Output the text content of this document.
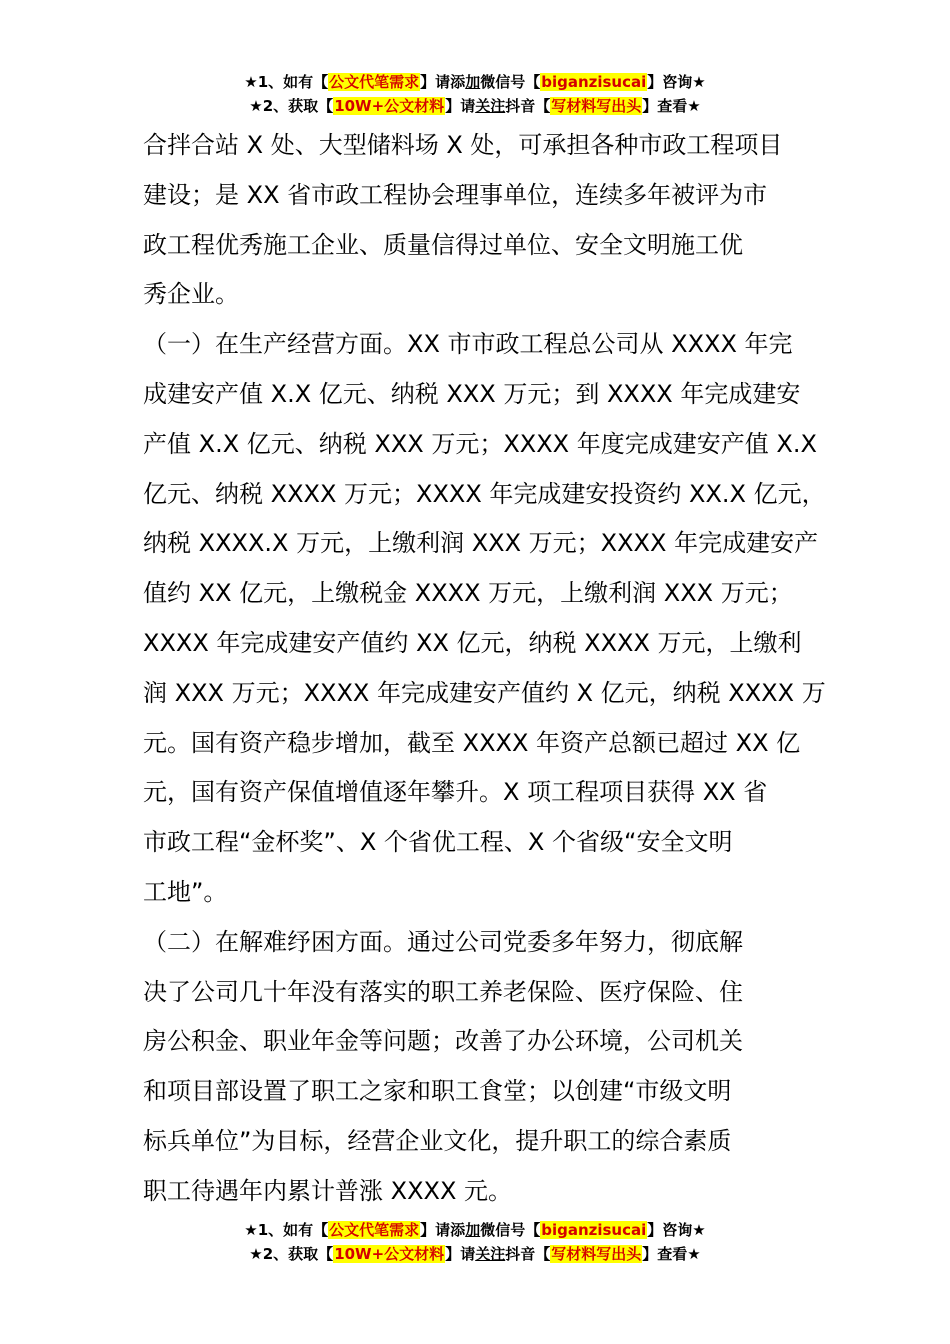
★1、如有【公文代笔需求】请添加微信号【biganzisucai】咨询★
★2、获取【10W+公文材料】请关注抖音【写材料写出头】查看★
合拌合站 X 处、大型储料场 X 处，可承担各种市政工程项目
建设；是 XX 省市政工程协会理事单位，连续多年被评为市
政工程优秀施工企业、质量信得过单位、安全文明施工优
秀企业。
（一）在生产经营方面。XX 市市政工程总公司从 XXXX 年完
成建安产值 X.X 亿元、纳税 XXX 万元；到 XXXX 年完成建安
产值 X.X 亿元、纳税 XXX 万元；XXXX 年度完成建安产值 X.X
亿元、纳税 XXXX 万元；XXXX 年完成建安投资约 XX.X 亿元，
纳税 XXXX.X 万元，上缴利润 XXX 万元；XXXX 年完成建安产
值约 XX 亿元，上缴税金 XXXX 万元，上缴利润 XXX 万元；
XXXX 年完成建安产值约 XX 亿元，纳税 XXXX 万元，上缴利
润 XXX 万元；XXXX 年完成建安产值约 X 亿元，纳税 XXXX 万
元。国有资产稳步增加，截至 XXXX 年资产总额已超过 XX 亿
元，国有资产保值增值逐年攀升。X 项工程项目获得 XX 省
市政工程“金杯奖”、X 个省优工程、X 个省级“安全文明
工地”。
（二）在解难纾困方面。通过公司党委多年努力，彻底解
决了公司几十年没有落实的职工养老保险、医疗保险、住
房公积金、职业年金等问题；改善了办公环境，公司机关
和项目部设置了职工之家和职工食堂；以创建“市级文明
标兵单位”为目标，经营企业文化，提升职工的综合素质
职工待遇年内累计普涨 XXXX 元。
★1、如有【公文代笔需求】请添加微信号【biganzisucai】咨询★
★2、获取【10W+公文材料】请关注抖音【写材料写出头】查看★
